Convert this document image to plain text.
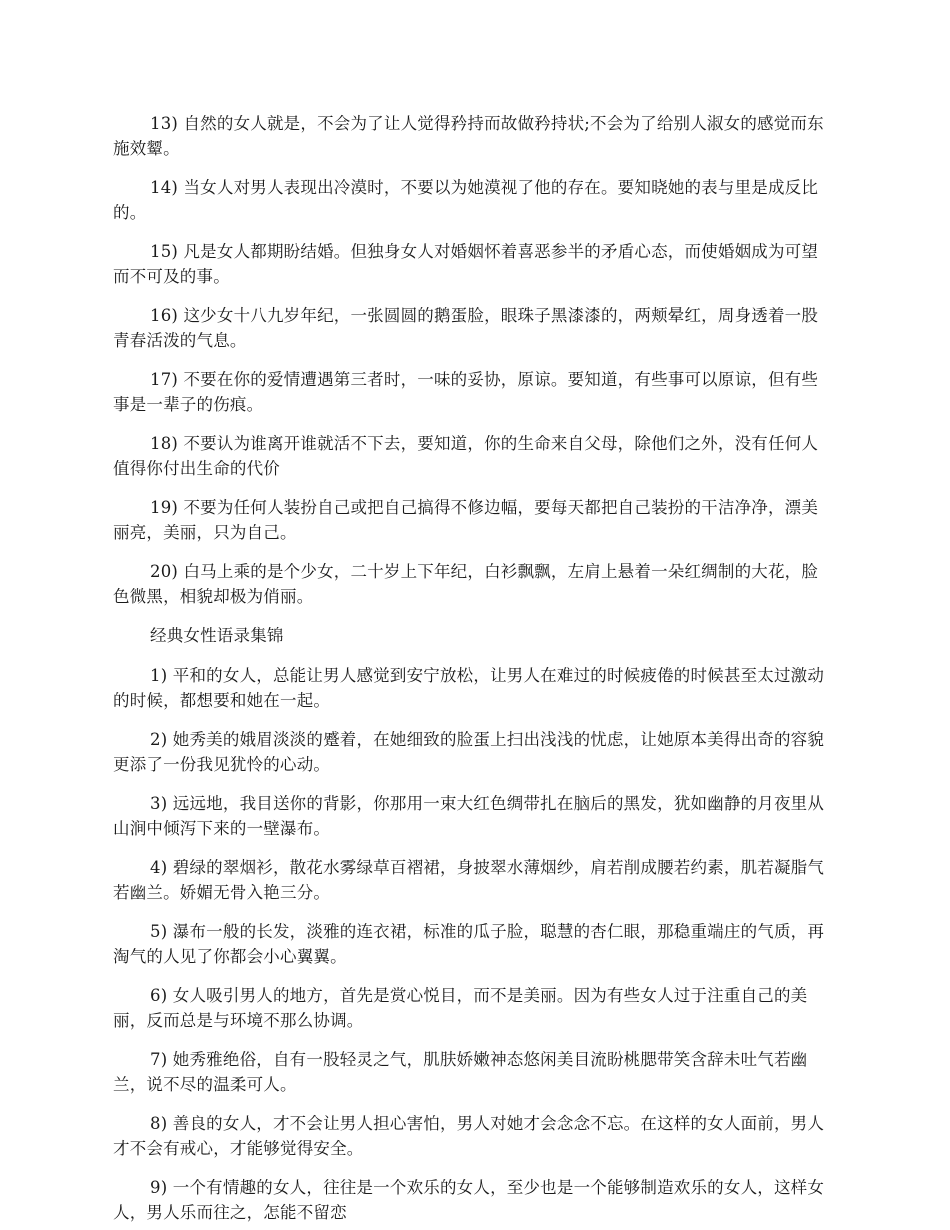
13) 自然的女人就是，不会为了让人觉得矜持而故做矜持状;不会为了给别人淑女的感觉而东施效颦。

14) 当女人对男人表现出冷漠时，不要以为她漠视了他的存在。要知晓她的表与里是成反比的。

15) 凡是女人都期盼结婚。但独身女人对婚姻怀着喜恶参半的矛盾心态，而使婚姻成为可望而不可及的事。

16) 这少女十八九岁年纪，一张圆圆的鹅蛋脸，眼珠子黑漆漆的，两颊晕红，周身透着一股青春活泼的气息。

17) 不要在你的爱情遭遇第三者时，一味的妥协，原谅。要知道，有些事可以原谅，但有些事是一辈子的伤痕。

18) 不要认为谁离开谁就活不下去，要知道，你的生命来自父母，除他们之外，没有任何人值得你付出生命的代价

19) 不要为任何人装扮自己或把自己搞得不修边幅，要每天都把自己装扮的干洁净净，漂美丽亮，美丽，只为自己。

20) 白马上乘的是个少女，二十岁上下年纪，白衫飘飘，左肩上悬着一朵红绸制的大花，脸色微黑，相貌却极为俏丽。

经典女性语录集锦

1) 平和的女人，总能让男人感觉到安宁放松，让男人在难过的时候疲倦的时候甚至太过激动的时候，都想要和她在一起。

2) 她秀美的娥眉淡淡的蹙着，在她细致的脸蛋上扫出浅浅的忧虑，让她原本美得出奇的容貌更添了一份我见犹怜的心动。

3) 远远地，我目送你的背影，你那用一束大红色绸带扎在脑后的黑发，犹如幽静的月夜里从山涧中倾泻下来的一壁瀑布。

4) 碧绿的翠烟衫，散花水雾绿草百褶裙，身披翠水薄烟纱，肩若削成腰若约素，肌若凝脂气若幽兰。娇媚无骨入艳三分。

5) 瀑布一般的长发，淡雅的连衣裙，标准的瓜子脸，聪慧的杏仁眼，那稳重端庄的气质，再淘气的人见了你都会小心翼翼。

6) 女人吸引男人的地方，首先是赏心悦目，而不是美丽。因为有些女人过于注重自己的美丽，反而总是与环境不那么协调。

7) 她秀雅绝俗，自有一股轻灵之气，肌肤娇嫩神态悠闲美目流盼桃腮带笑含辞未吐气若幽兰，说不尽的温柔可人。

8) 善良的女人，才不会让男人担心害怕，男人对她才会念念不忘。在这样的女人面前，男人才不会有戒心，才能够觉得安全。

9) 一个有情趣的女人，往往是一个欢乐的女人，至少也是一个能够制造欢乐的女人，这样女人，男人乐而往之，怎能不留恋
